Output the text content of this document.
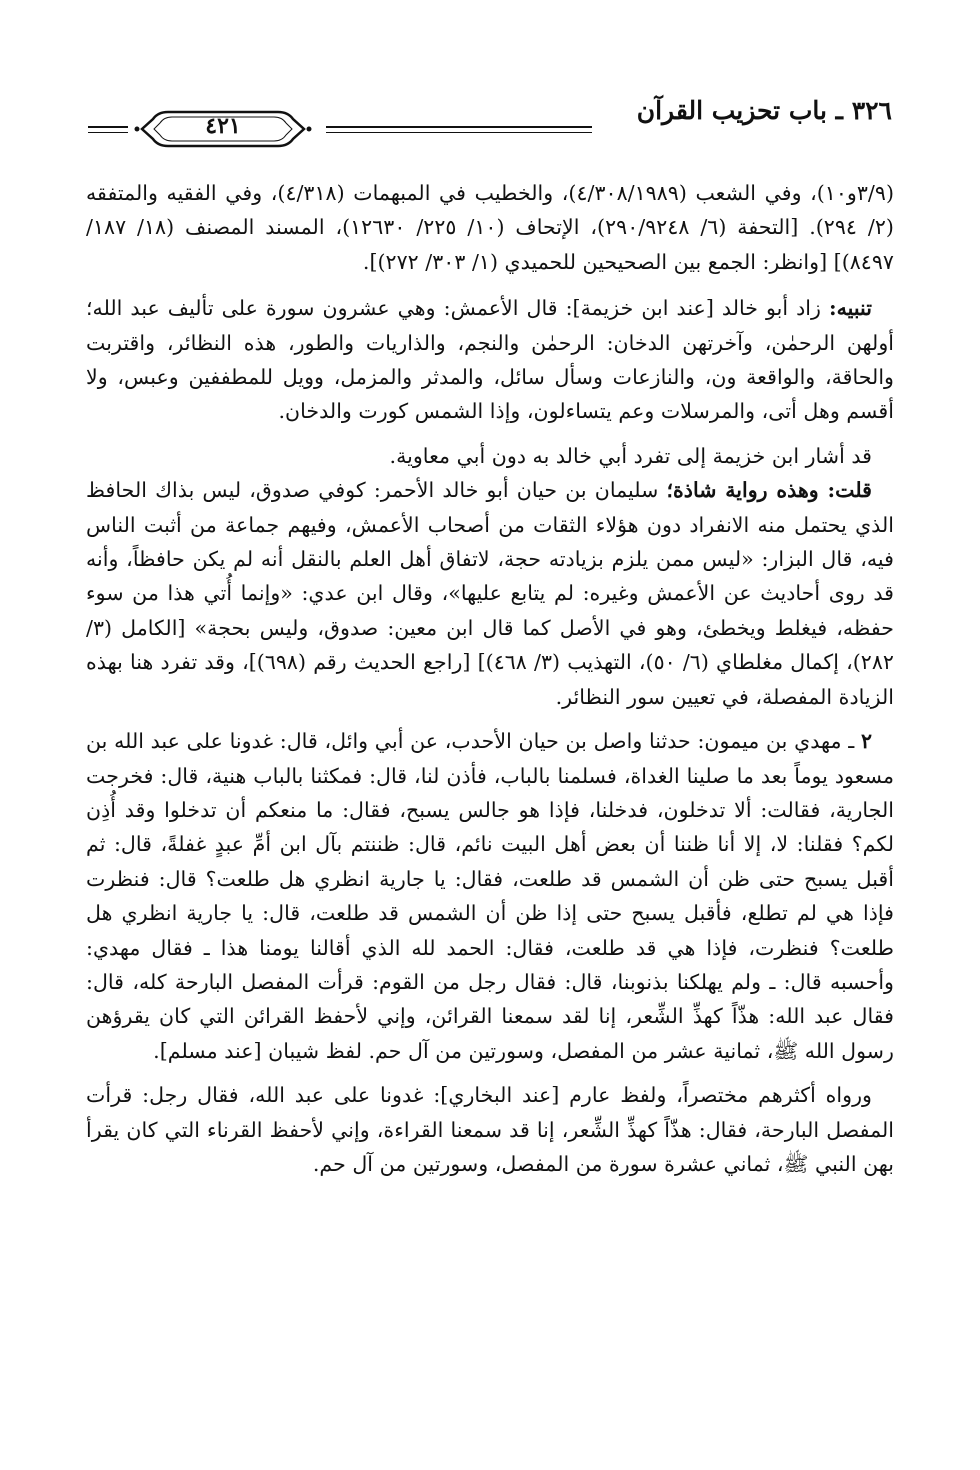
٣٢٦ ـ باب تحزيب القرآن
٤٢١

(٣/٩و١٠)، وفي الشعب (٤/٣٠٨/١٩٨٩)، والخطيب في المبهمات (٤/٣١٨)، وفي الفقيه والمتفقه (٢/ ٢٩٤). [التحفة (٦/ ٢٩٠/٩٢٤٨)، الإتحاف (١٠/ ٢٢٥/ ١٢٦٣٠)، المسند المصنف (١٨/ ١٨٧/ ٨٤٩٧)] [وانظر: الجمع بين الصحيحين للحميدي (١/ ٣٠٣/ ٢٧٢)].

تنبيه: زاد أبو خالد [عند ابن خزيمة]: قال الأعمش: وهي عشرون سورة على تأليف عبد الله؛ أولهن الرحمٰن، وآخرتهن الدخان: الرحمٰن والنجم، والذاريات والطور، هذه النظائر، واقتربت والحاقة، والواقعة ون، والنازعات وسأل سائل، والمدثر والمزمل، وويل للمطففين وعبس، ولا أقسم وهل أتى، والمرسلات وعم يتساءلون، وإذا الشمس كورت والدخان.

قد أشار ابن خزيمة إلى تفرد أبي خالد به دون أبي معاوية.

قلت: وهذه رواية شاذة؛ سليمان بن حيان أبو خالد الأحمر: كوفي صدوق، ليس بذاك الحافظ الذي يحتمل منه الانفراد دون هؤلاء الثقات من أصحاب الأعمش، وفيهم جماعة من أثبت الناس فيه، قال البزار: «ليس ممن يلزم بزيادته حجة، لاتفاق أهل العلم بالنقل أنه لم يكن حافظاً، وأنه قد روى أحاديث عن الأعمش وغيره: لم يتابع عليها»، وقال ابن عدي: «وإنما أُتي هذا من سوء حفظه، فيغلط ويخطئ، وهو في الأصل كما قال ابن معين: صدوق، وليس بحجة» [الكامل (٣/ ٢٨٢)، إكمال مغلطاي (٦/ ٥٠)، التهذيب (٣/ ٤٦٨)] [راجع الحديث رقم (٦٩٨)]، وقد تفرد هنا بهذه الزيادة المفصلة، في تعيين سور النظائر.

٢ ـ مهدي بن ميمون: حدثنا واصل بن حيان الأحدب، عن أبي وائل، قال: غدونا على عبد الله بن مسعود يوماً بعد ما صلينا الغداة، فسلمنا بالباب، فأذن لنا، قال: فمكثنا بالباب هنية، قال: فخرجت الجارية، فقالت: ألا تدخلون، فدخلنا، فإذا هو جالس يسبح، فقال: ما منعكم أن تدخلوا وقد أُذِن لكم؟ فقلنا: لا، إلا أنا ظننا أن بعض أهل البيت نائم، قال: ظننتم بآل ابن أمِّ عبدٍ غفلةً، قال: ثم أقبل يسبح حتى ظن أن الشمس قد طلعت، فقال: يا جارية انظري هل طلعت؟ قال: فنظرت فإذا هي لم تطلع، فأقبل يسبح حتى إذا ظن أن الشمس قد طلعت، قال: يا جارية انظري هل طلعت؟ فنظرت، فإذا هي قد طلعت، فقال: الحمد لله الذي أقالنا يومنا هذا ـ فقال مهدي: وأحسبه قال: ـ ولم يهلكنا بذنوبنا، قال: فقال رجل من القوم: قرأت المفصل البارحة كله، قال: فقال عبد الله: هذّاً كهذِّ الشِّعر، إنا لقد سمعنا القرائن، وإني لأحفظ القرائن التي كان يقرؤهن رسول الله ﷺ، ثمانية عشر من المفصل، وسورتين من آل حم. لفظ شيبان [عند مسلم].

ورواه أكثرهم مختصراً، ولفظ عارم [عند البخاري]: غدونا على عبد الله، فقال رجل: قرأت المفصل البارحة، فقال: هذّاً كهذِّ الشِّعر، إنا قد سمعنا القراءة، وإني لأحفظ القرناء التي كان يقرأ بهن النبي ﷺ، ثماني عشرة سورة من المفصل، وسورتين من آل حم.
